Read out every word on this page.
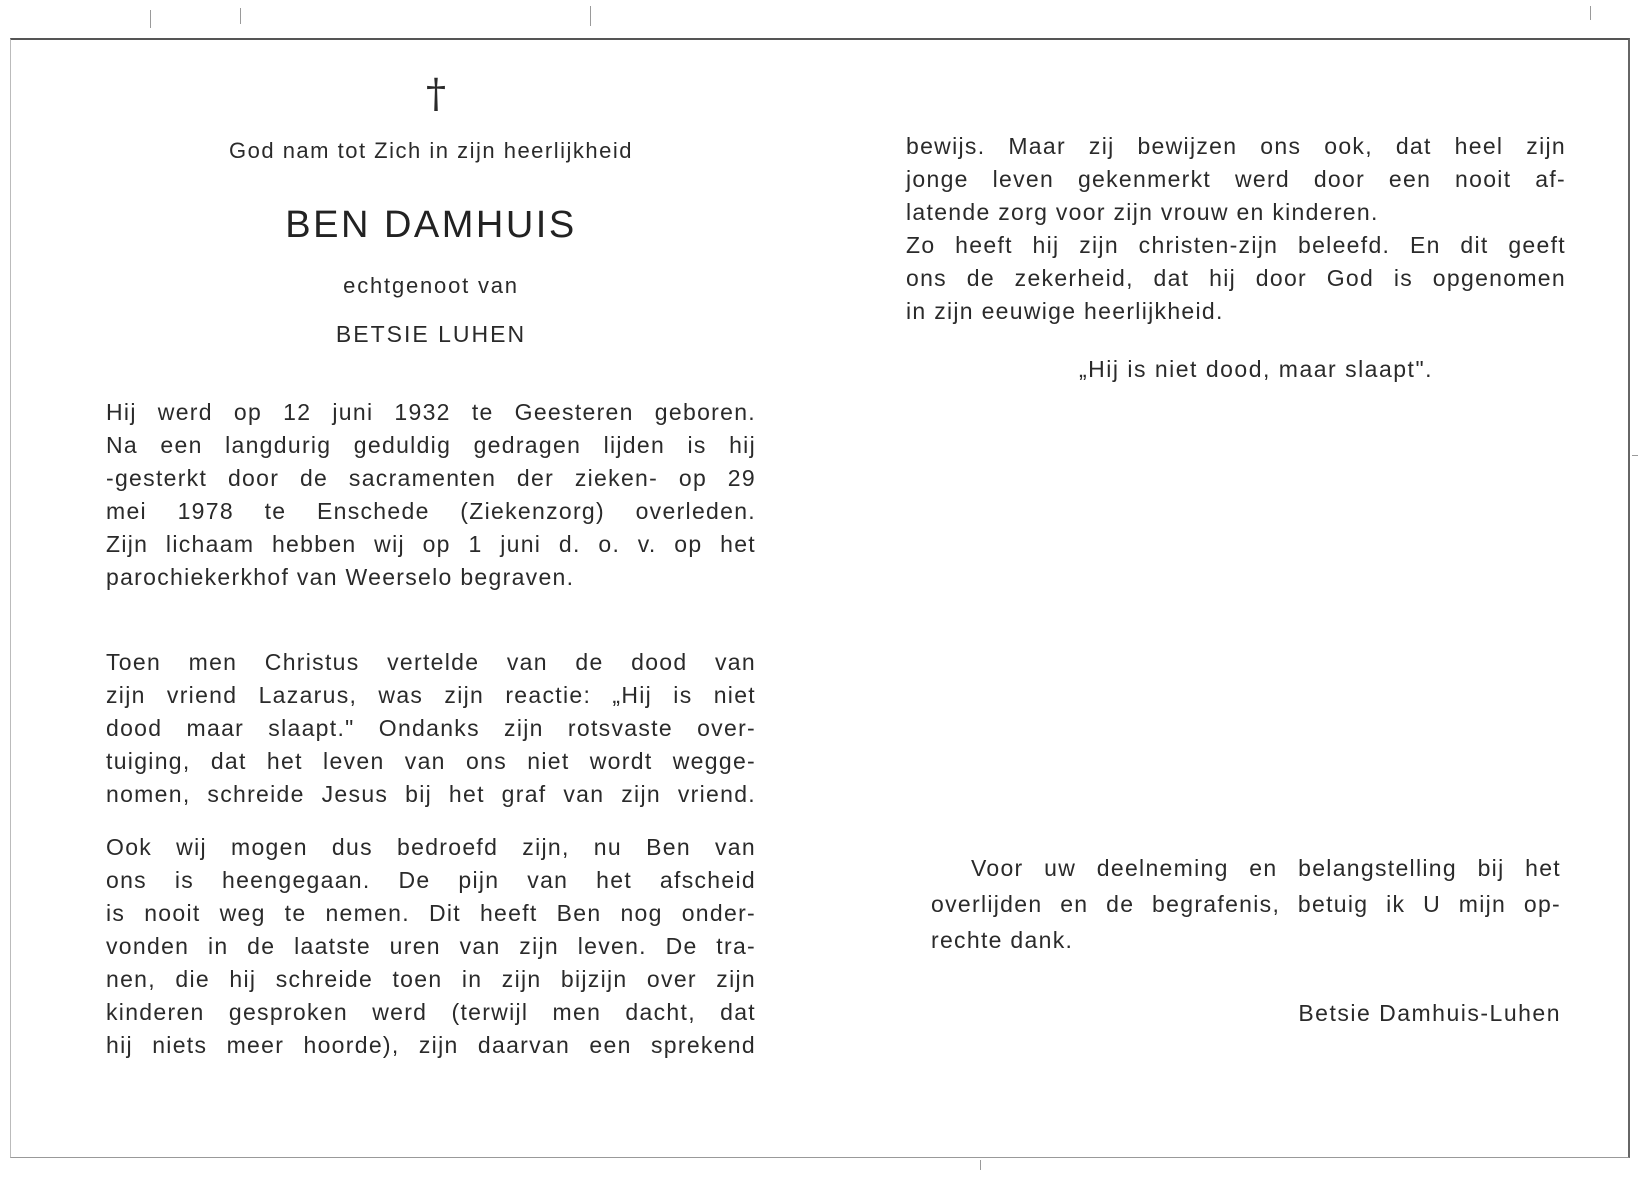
†
God nam tot Zich in zijn heerlijkheid
BEN DAMHUIS
echtgenoot van
BETSIE LUHEN
Hij werd op 12 juni 1932 te Geesteren geboren.
Na een langdurig geduldig gedragen lijden is hij
-gesterkt door de sacramenten der zieken- op 29
mei 1978 te Enschede (Ziekenzorg) overleden.
Zijn lichaam hebben wij op 1 juni d. o. v. op het
parochiekerkhof van Weerselo begraven.
Toen men Christus vertelde van de dood van
zijn vriend Lazarus, was zijn reactie: „Hij is niet
dood maar slaapt." Ondanks zijn rotsvaste over-
tuiging, dat het leven van ons niet wordt wegge-
nomen, schreide Jesus bij het graf van zijn vriend.
Ook wij mogen dus bedroefd zijn, nu Ben van
ons is heengegaan. De pijn van het afscheid
is nooit weg te nemen. Dit heeft Ben nog onder-
vonden in de laatste uren van zijn leven. De tra-
nen, die hij schreide toen in zijn bijzijn over zijn
kinderen gesproken werd (terwijl men dacht, dat
hij niets meer hoorde), zijn daarvan een sprekend
bewijs. Maar zij bewijzen ons ook, dat heel zijn
jonge leven gekenmerkt werd door een nooit af-
latende zorg voor zijn vrouw en kinderen.
Zo heeft hij zijn christen-zijn beleefd. En dit geeft
ons de zekerheid, dat hij door God is opgenomen
in zijn eeuwige heerlijkheid.
„Hij is niet dood, maar slaapt".
Voor uw deelneming en belangstelling bij het
overlijden en de begrafenis, betuig ik U mijn op-
rechte dank.
Betsie Damhuis-Luhen
